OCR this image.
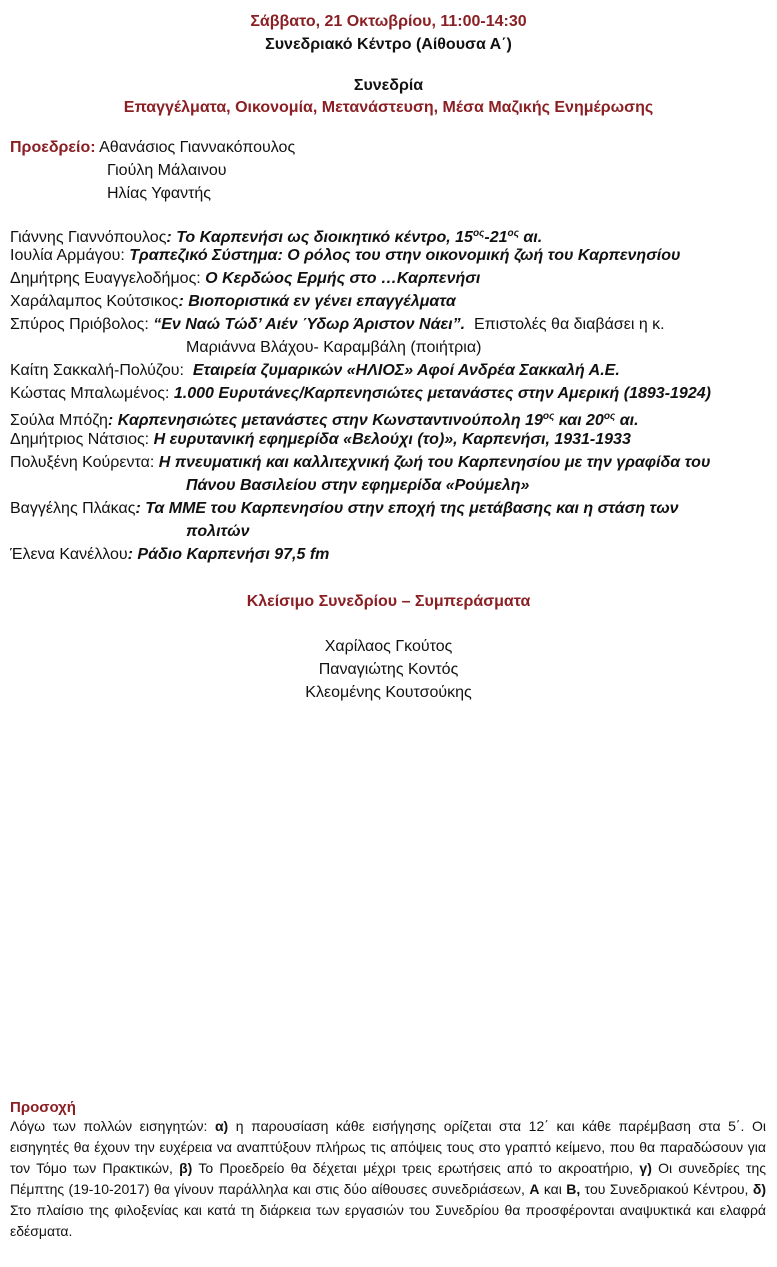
Σάββατο, 21 Οκτωβρίου, 11:00-14:30
Συνεδριακό Κέντρο (Αίθουσα Α΄)
Συνεδρία
Επαγγέλματα, Οικονομία, Μετανάστευση, Μέσα Μαζικής Ενημέρωσης
Προεδρείο: Αθανάσιος Γιαννακόπουλος
Γιούλη Μάλαινου
Ηλίας Υφαντής
Γιάννης Γιαννόπουλος: Το Καρπενήσι ως διοικητικό κέντρο, $15^{o\varsigma}-21^{o\varsigma}$ αι.
Ιουλία Αρμάγου: Τραπεζικό Σύστημα: Ο ρόλος του στην οικονομική ζωή του Καρπενησίου
Δημήτρης Ευαγγελοδήμος: Ο Κερδώος Ερμής στο …Καρπενήσι
Χαράλαμπος Κούτσικος: Βιοποριστικά εν γένει επαγγέλματα
Σπύρος Πριόβολος: “Εν Ναώ Τώδ’ Αιέν Ύδωρ Άριστον Νάει”.  Επιστολές θα διαβάσει η κ.
Μαριάννα Βλάχου- Καραμβάλη (ποιήτρια)
Καίτη Σακκαλή-Πολύζου:  Εταιρεία ζυμαρικών «ΗΛΙΟΣ» Αφοί Ανδρέα Σακκαλή Α.Ε.
Κώστας Μπαλωμένος: 1.000 Ευρυτάνες/Καρπενησιώτες μετανάστες στην Αμερική (1893-1924)
Σούλα Μπόζη: Καρπενησιώτες μετανάστες στην Κωνσταντινούπολη $19^{o\varsigma}$ και $20^{o\varsigma}$ αι.
Δημήτριος Νάτσιος: Η ευρυτανική εφημερίδα «Βελούχι (το)», Καρπενήσι, 1931-1933
Πολυξένη Κούρεντα: Η πνευματική και καλλιτεχνική ζωή του Καρπενησίου με την γραφίδα του
Πάνου Βασιλείου στην εφημερίδα «Ρούμελη»
Βαγγέλης Πλάκας: Τα ΜΜΕ του Καρπενησίου στην εποχή της μετάβασης και η στάση των
πολιτών
Έλενα Κανέλλου: Ράδιο Καρπενήσι 97,5 fm
Κλείσιμο Συνεδρίου – Συμπεράσματα
Χαρίλαος Γκούτος
Παναγιώτης Κοντός
Κλεομένης Κουτσούκης
Προσοχή
Λόγω των πολλών εισηγητών: α) η παρουσίαση κάθε εισήγησης ορίζεται στα 12΄ και κάθε παρέμβαση στα 5΄. Οι εισηγητές θα έχουν την ευχέρεια να αναπτύξουν πλήρως τις απόψεις τους στο γραπτό κείμενο, που θα παραδώσουν για τον Τόμο των Πρακτικών, β) Το Προεδρείο θα δέχεται μέχρι τρεις ερωτήσεις από το ακροατήριο, γ) Οι συνεδρίες της Πέμπτης (19-10-2017) θα γίνουν παράλληλα και στις δύο αίθουσες συνεδριάσεων, Α και Β, του Συνεδριακού Κέντρου, δ) Στο πλαίσιο της φιλοξενίας και κατά τη διάρκεια των εργασιών του Συνεδρίου θα προσφέρονται αναψυκτικά και ελαφρά εδέσματα.
